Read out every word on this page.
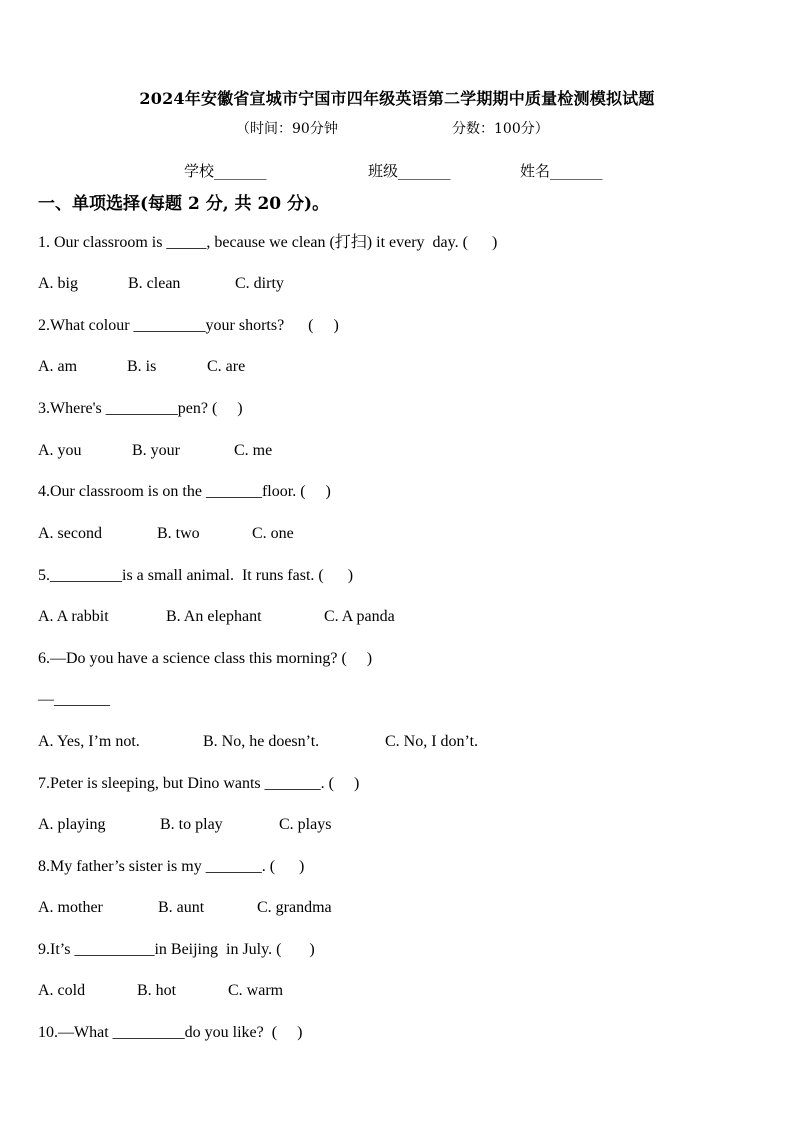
2024年安徽省宣城市宁国市四年级英语第二学期期中质量检测模拟试题
（时间：90分钟	分数：100分）
学校_______	班级_______	姓名_______
一、单项选择(每题 2 分, 共 20 分)。
1. Our classroom is _____, because we clean (打扫) it every  day. (      )
A. big	B. clean	C. dirty
2.What colour _________your shorts?      (     )
A. am	B. is	C. are
3.Where's _________pen? (     )
A. you	B. your	C. me
4.Our classroom is on the _______floor. (     )
A. second	B. two	C. one
5._________is a small animal.  It runs fast. (      )
A. A rabbit	B. An elephant	C. A panda
6.—Do you have a science class this morning? (     )
—_______
A. Yes, I’m not.	B. No, he doesn’t.	C. No, I don’t.
7.Peter is sleeping, but Dino wants _______. (     )
A. playing	B. to play	C. plays
8.My father’s sister is my _______. (      )
A. mother	B. aunt	C. grandma
9.It’s __________in Beijing  in July. (       )
A. cold	B. hot	C. warm
10.—What _________do you like?  (     )
